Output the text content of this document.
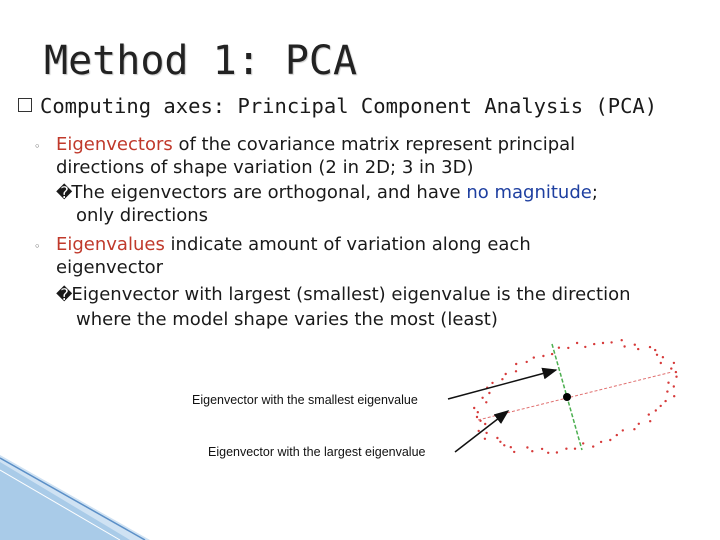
Method 1: PCA
Computing axes: Principal Component Analysis (PCA)
◦ Eigenvectors of the covariance matrix represent principal
directions of shape variation (2 in 2D; 3 in 3D)
�The eigenvectors are orthogonal, and have no magnitude;
only directions
◦ Eigenvalues indicate amount of variation along each
eigenvector
�Eigenvector with largest (smallest) eigenvalue is the direction
where the model shape varies the most (least)
Eigenvector with the smallest eigenvalue
Eigenvector with the largest eigenvalue
